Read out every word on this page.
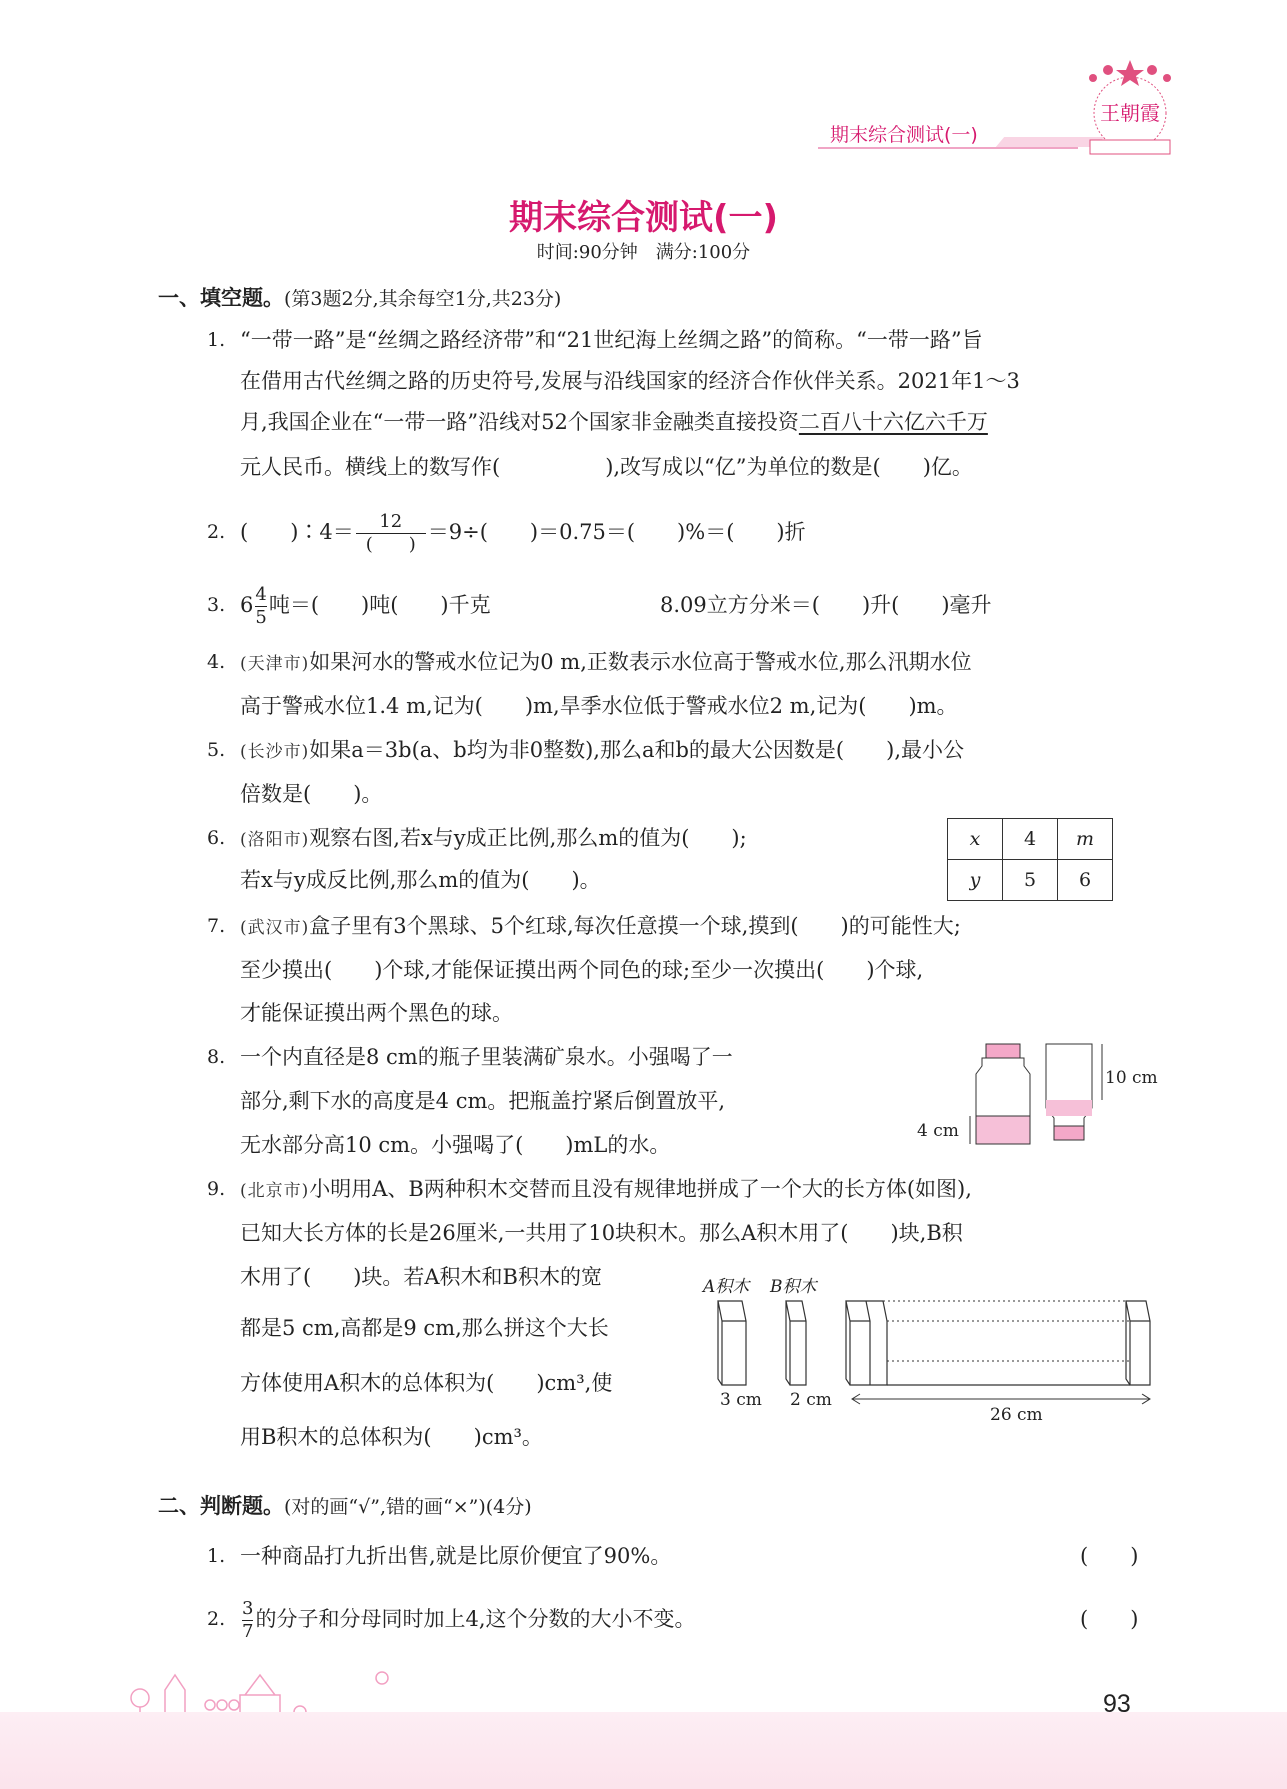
期末综合测试(一)
王朝霞
期末综合测试(一)
时间:90分钟　满分:100分
一、填空题。(第3题2分,其余每空1分,共23分)
1. “一带一路”是“丝绸之路经济带”和“21世纪海上丝绸之路”的简称。“一带一路”旨
在借用古代丝绸之路的历史符号,发展与沿线国家的经济合作伙伴关系。2021年1～3
月,我国企业在“一带一路”沿线对52个国家非金融类直接投资二百八十六亿六千万
元人民币。横线上的数写作(　　　　　),改写成以“亿”为单位的数是(　　)亿。
2. (　　)∶4＝ $\frac{12}{( )} =9\div$(　　)＝0.75＝(　　)%＝(　　)折
3. $6 \frac{4}{5}$ 吨＝(　　)吨(　　)千克	8.09立方分米＝(　　)升(　　)毫升
4. (天津市)如果河水的警戒水位记为0 m,正数表示水位高于警戒水位,那么汛期水位
高于警戒水位1.4 m,记为(　　)m,旱季水位低于警戒水位2 m,记为(　　)m。
5. (长沙市)如果a＝3b(a、b均为非0整数),那么a和b的最大公因数是(　　),最小公
倍数是(　　)。
6. (洛阳市)观察右图,若x与y成正比例,那么m的值为(　　);
若x与y成反比例,那么m的值为(　　)。
x	4	m
y	5	6
7. (武汉市)盒子里有3个黑球、5个红球,每次任意摸一个球,摸到(　　)的可能性大;
至少摸出(　　)个球,才能保证摸出两个同色的球;至少一次摸出(　　)个球,
才能保证摸出两个黑色的球。
8. 一个内直径是8 cm的瓶子里装满矿泉水。小强喝了一
部分,剩下水的高度是4 cm。把瓶盖拧紧后倒置放平,
无水部分高10 cm。小强喝了(　　)mL的水。
10 cm
4 cm
9. (北京市)小明用A、B两种积木交替而且没有规律地拼成了一个大的长方体(如图),
已知大长方体的长是26厘米,一共用了10块积木。那么A积木用了(　　)块,B积
木用了(　　)块。若A积木和B积木的宽
都是5 cm,高都是9 cm,那么拼这个大长
方体使用A积木的总体积为(　　)cm³,使
用B积木的总体积为(　　)cm³。
A积木 B积木
3 cm 2 cm
26 cm
二、判断题。(对的画“√”,错的画“×”)(4分)
1. 一种商品打九折出售,就是比原价便宜了90%。	(　　)
2. $\frac{3}{7}$ 的分子和分母同时加上4,这个分数的大小不变。	(　　)
93
